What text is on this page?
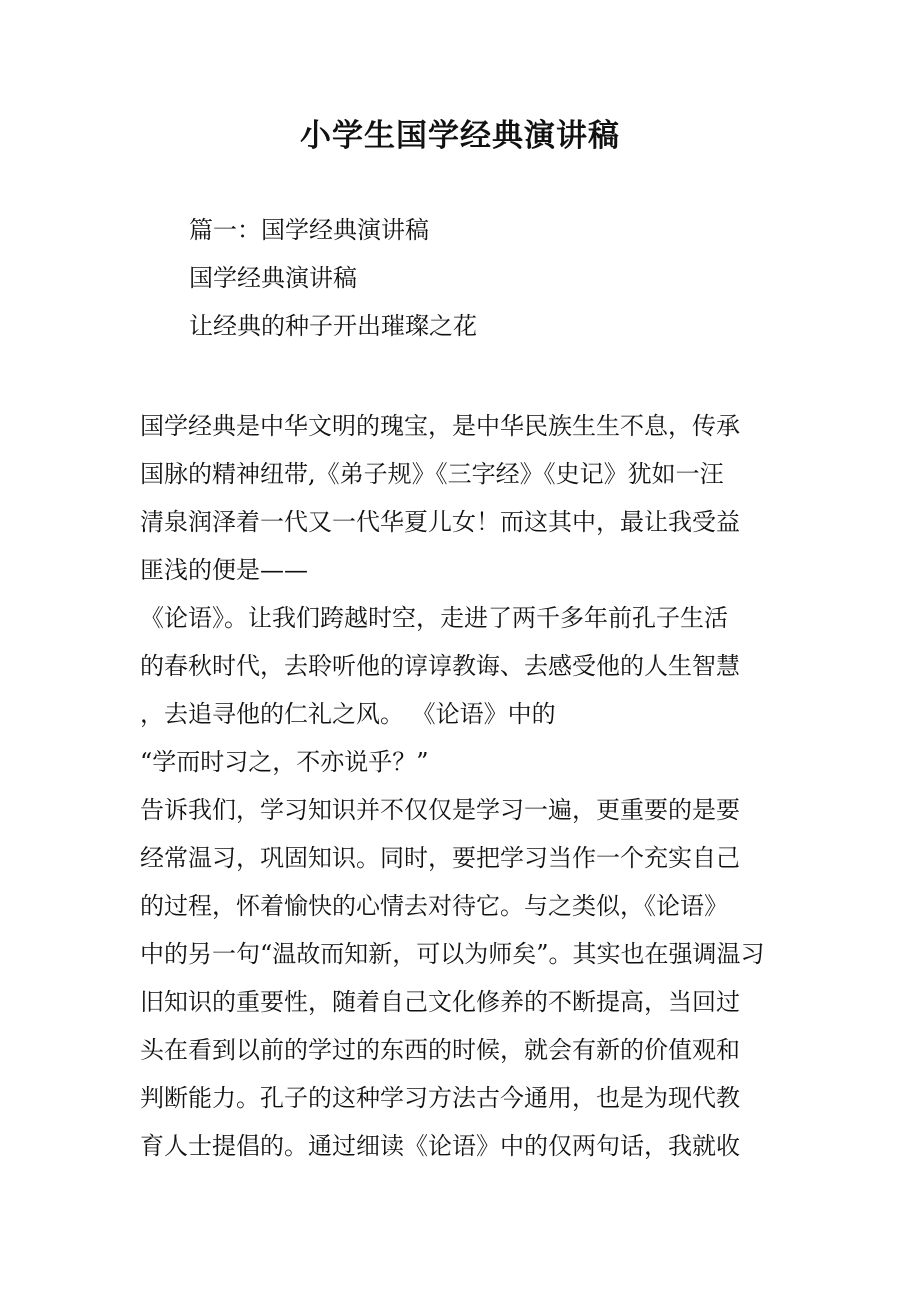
小学生国学经典演讲稿
篇一：国学经典演讲稿
国学经典演讲稿
让经典的种子开出璀璨之花
国学经典是中华文明的瑰宝，是中华民族生生不息，传承
国脉的精神纽带,《弟子规》《三字经》《史记》犹如一汪
清泉润泽着一代又一代华夏儿女！而这其中，最让我受益
匪浅的便是——
《论语》。让我们跨越时空，走进了两千多年前孔子生活
的春秋时代，去聆听他的谆谆教诲、去感受他的人生智慧
，去追寻他的仁礼之风。 《论语》中的
“学而时习之，不亦说乎？”
告诉我们，学习知识并不仅仅是学习一遍，更重要的是要
经常温习，巩固知识。同时，要把学习当作一个充实自己
的过程，怀着愉快的心情去对待它。与之类似，《论语》
中的另一句“温故而知新，可以为师矣”。其实也在强调温习
旧知识的重要性，随着自己文化修养的不断提高，当回过
头在看到以前的学过的东西的时候，就会有新的价值观和
判断能力。孔子的这种学习方法古今通用，也是为现代教
育人士提倡的。通过细读《论语》中的仅两句话，我就收
